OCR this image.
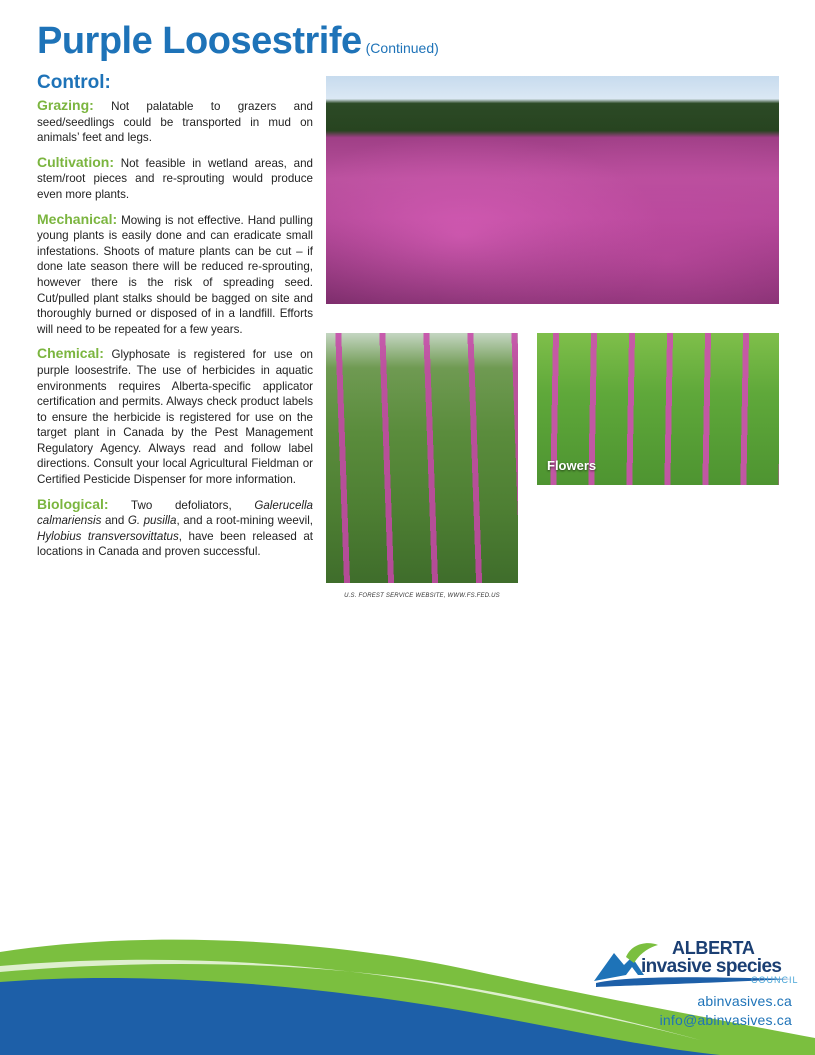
Purple Loosestrife (Continued)
Control:

Grazing: Not palatable to grazers and seed/seedlings could be transported in mud on animals’ feet and legs.

Cultivation: Not feasible in wetland areas, and stem/root pieces and re-sprouting would produce even more plants.

Mechanical: Mowing is not effective. Hand pulling young plants is easily done and can eradicate small infestations. Shoots of mature plants can be cut – if done late season there will be reduced re-sprouting, however there is the risk of spreading seed. Cut/pulled plant stalks should be bagged on site and thoroughly burned or disposed of in a landfill. Efforts will need to be repeated for a few years.

Chemical: Glyphosate is registered for use on purple loosestrife. The use of herbicides in aquatic environments requires Alberta-specific applicator certification and permits. Always check product labels to ensure the herbicide is registered for use on the target plant in Canada by the Pest Management Regulatory Agency. Always read and follow label directions. Consult your local Agricultural Fieldman or Certified Pesticide Dispenser for more information.

Biological: Two defoliators, Galerucella calmariensis and G. pusilla, and a root-mining weevil, Hylobius transversovittatus, have been released at locations in Canada and proven successful.

Flowers
U.S. FOREST SERVICE WEBSITE, WWW.FS.FED.US
ALBERTA
invasive species
COUNCIL
abinvasives.ca
info@abinvasives.ca
